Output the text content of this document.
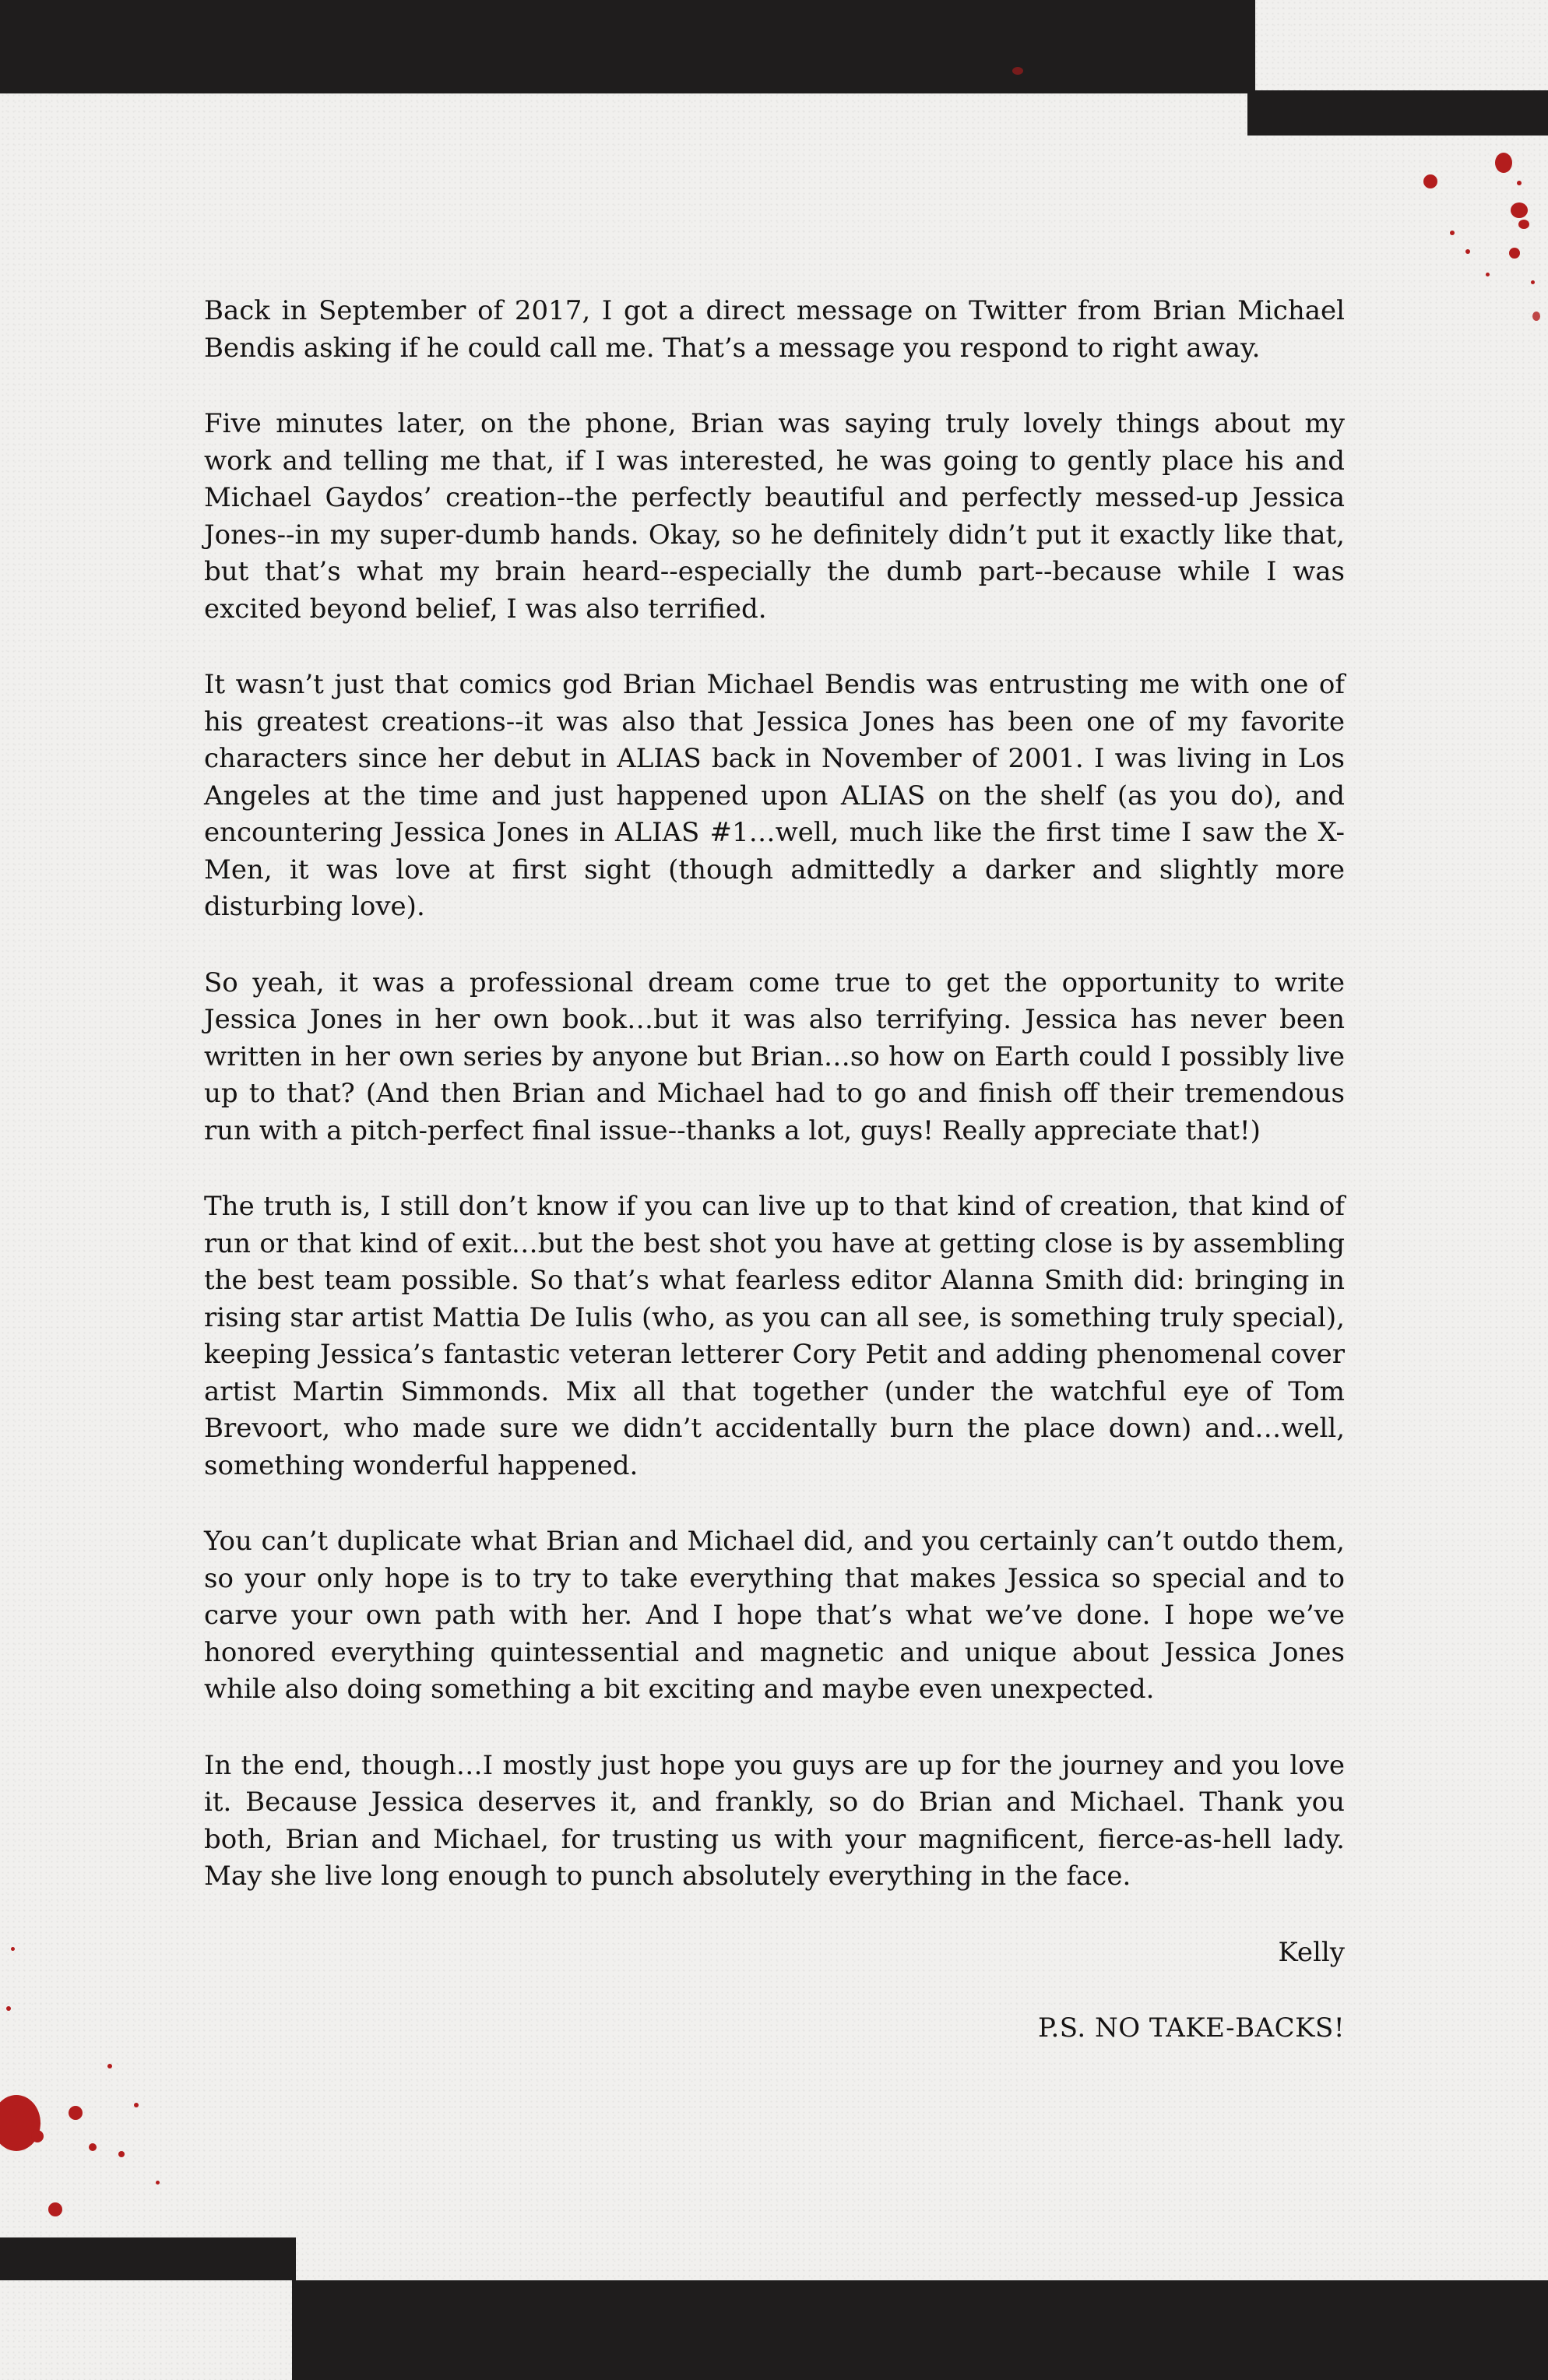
Back in September of 2017, I got a direct message on Twitter from Brian Michael Bendis asking if he could call me. That’s a message you respond to right away.

Five minutes later, on the phone, Brian was saying truly lovely things about my work and telling me that, if I was interested, he was going to gently place his and Michael Gaydos’ creation--the perfectly beautiful and perfectly messed-up Jessica Jones--in my super-dumb hands. Okay, so he definitely didn’t put it exactly like that, but that’s what my brain heard--especially the dumb part--because while I was excited beyond belief, I was also terrified.

It wasn’t just that comics god Brian Michael Bendis was entrusting me with one of his greatest creations--it was also that Jessica Jones has been one of my favorite characters since her debut in ALIAS back in November of 2001. I was living in Los Angeles at the time and just happened upon ALIAS on the shelf (as you do), and encountering Jessica Jones in ALIAS #1…well, much like the first time I saw the X-Men, it was love at first sight (though admittedly a darker and slightly more disturbing love).

So yeah, it was a professional dream come true to get the opportunity to write Jessica Jones in her own book…but it was also terrifying. Jessica has never been written in her own series by anyone but Brian…so how on Earth could I possibly live up to that? (And then Brian and Michael had to go and finish off their tremendous run with a pitch-perfect final issue--thanks a lot, guys! Really appreciate that!)

The truth is, I still don’t know if you can live up to that kind of creation, that kind of run or that kind of exit…but the best shot you have at getting close is by assembling the best team possible. So that’s what fearless editor Alanna Smith did: bringing in rising star artist Mattia De Iulis (who, as you can all see, is something truly special), keeping Jessica’s fantastic veteran letterer Cory Petit and adding phenomenal cover artist Martin Simmonds. Mix all that together (under the watchful eye of Tom Brevoort, who made sure we didn’t accidentally burn the place down) and…well, something wonderful happened.

You can’t duplicate what Brian and Michael did, and you certainly can’t outdo them, so your only hope is to try to take everything that makes Jessica so special and to carve your own path with her. And I hope that’s what we’ve done. I hope we’ve honored everything quintessential and magnetic and unique about Jessica Jones while also doing something a bit exciting and maybe even unexpected.

In the end, though…I mostly just hope you guys are up for the journey and you love it. Because Jessica deserves it, and frankly, so do Brian and Michael. Thank you both, Brian and Michael, for trusting us with your magnificent, fierce-as-hell lady. May she live long enough to punch absolutely everything in the face.

Kelly
P.S. NO TAKE-BACKS!
